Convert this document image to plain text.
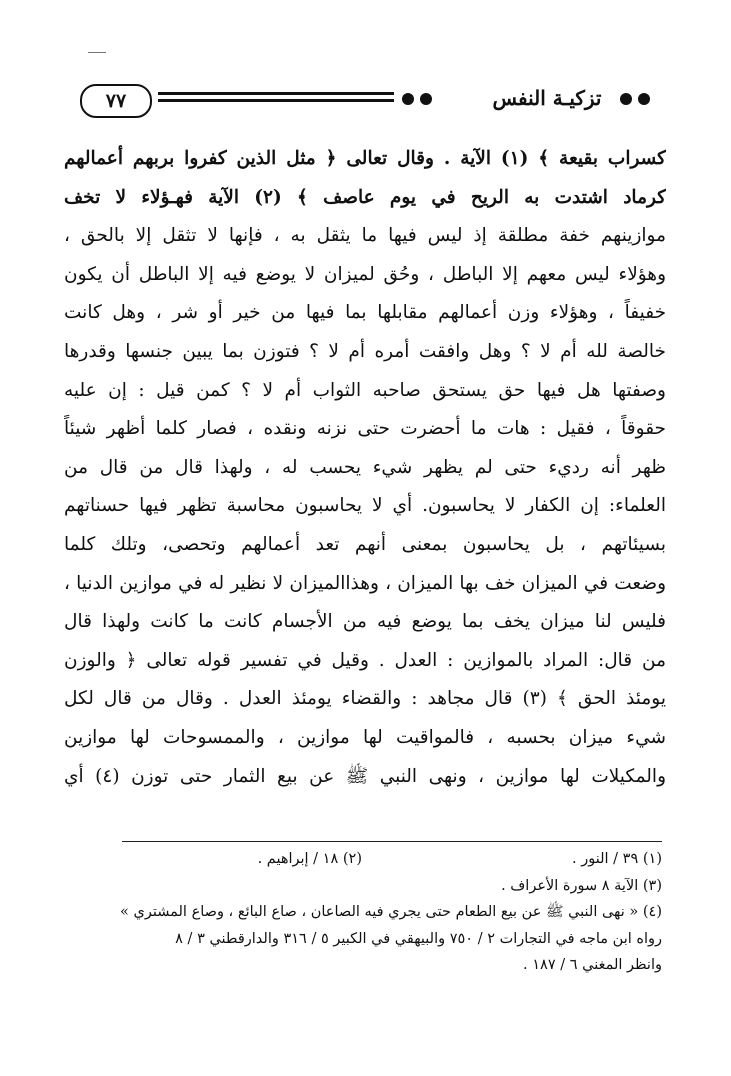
٧٧	تزكيـة النفس
كسراب بقيعة ﴾ (١) الآية . وقال تعالى ﴿ مثل الذين كفروا بربهم أعمالهم
كرماد اشتدت به الريح في يوم عاصف ﴾ (٢) الآية فهـؤلاء لا تخف
موازينهم خفة مطلقة إذ ليس فيها ما يثقل به ، فإنها لا تثقل إلا بالحق ،
وهؤلاء ليس معهم إلا الباطل ، وحُق لميزان لا يوضع فيه إلا الباطل أن يكون
خفيفاً ، وهؤلاء وزن أعمالهم مقابلها بما فيها من خير أو شر ، وهل كانت
خالصة لله أم لا ؟ وهل وافقت أمره أم لا ؟ فتوزن بما يبين جنسها وقدرها
وصفتها هل فيها حق يستحق صاحبه الثواب أم لا ؟ كمن قيل : إن عليه
حقوقاً ، فقيل : هات ما أحضرت حتى نزنه ونقده ، فصار كلما أظهر شيئاً
ظهر أنه رديء حتى لم يظهر شيء يحسب له ، ولهذا قال من قال من
العلماء: إن الكفار لا يحاسبون. أي لا يحاسبون محاسبة تظهر فيها حسناتهم
بسيئاتهم ، بل يحاسبون بمعنى أنهم تعد أعمالهم وتحصى، وتلك كلما
وضعت في الميزان خف بها الميزان ، وهذاالميزان لا نظير له في موازين الدنيا ،
فليس لنا ميزان يخف بما يوضع فيه من الأجسام كانت ما كانت ولهذا قال
من قال: المراد بالموازين : العدل . وقيل في تفسير قوله تعالى ﴿ والوزن
يومئذ الحق ﴾ (٣) قال مجاهد : والقضاء يومئذ العدل . وقال من قال لكل
شيء ميزان بحسبه ، فالمواقيت لها موازين ، والممسوحات لها موازين
والمكيلات لها موازين ، ونهى النبي ﷺ عن بيع الثمار حتى توزن (٤) أي
(١) ٣٩ / النور .
(٢) ١٨ / إبراهيم .
(٣) الآية ٨ سورة الأعراف .
(٤) « نهى النبي ﷺ عن بيع الطعام حتى يجري فيه الصاعان ، صاع البائع ، وصاع المشتري »
رواه ابن ماجه في التجارات ٢ / ٧٥٠ والبيهقي في الكبير ٥ / ٣١٦ والدارقطني ٣ / ٨
وانظر المغني ٦ / ١٨٧ .
